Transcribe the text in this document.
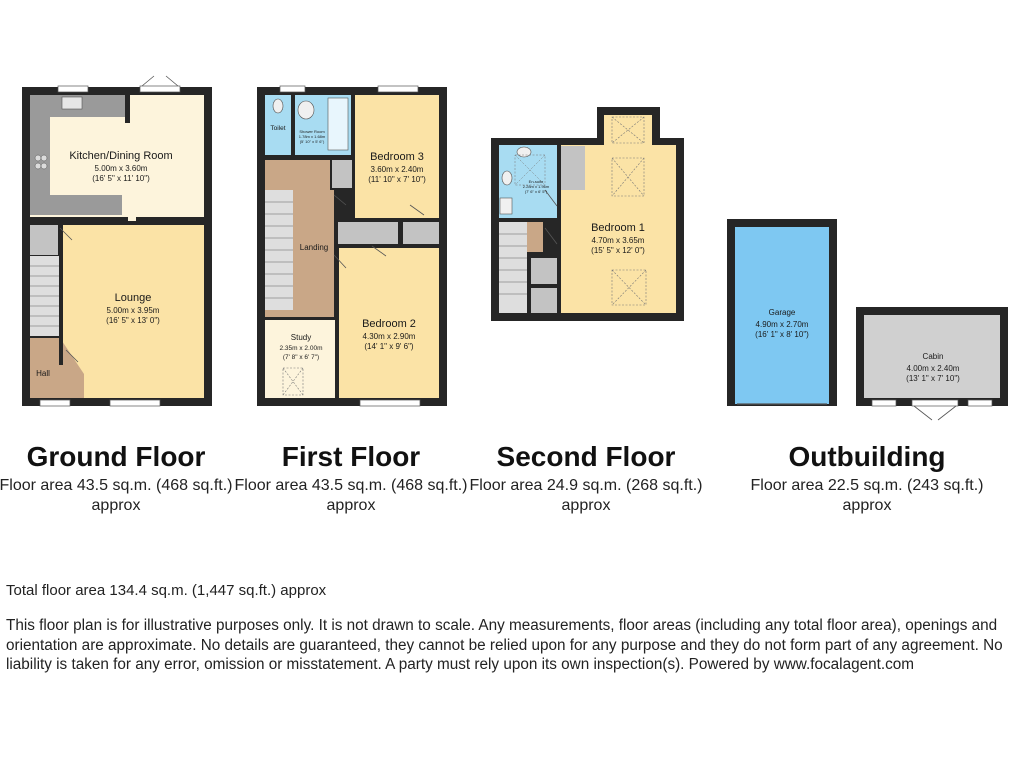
Kitchen/Dining Room
5.00m x 3.60m
(16' 5" x 11' 10")
Lounge
5.00m x 3.95m
(16' 5" x 13' 0")
Hall
Toilet	Shower Room
1.78m x 1.68m
(5' 10" x 5' 6")
Bedroom 3
3.60m x 2.40m
(11' 10" x 7' 10")
Landing
Bedroom 2
4.30m x 2.90m
(14' 1" x 9' 6")
Study
2.35m x 2.00m
(7' 8" x 6' 7")
En-suite
2.28m x 1.96m
(7' 6" x 6' 5")
Bedroom 1
4.70m x 3.65m
(15' 5" x 12' 0")
Garage
4.90m x 2.70m
(16' 1" x 8' 10")
Cabin
4.00m x 2.40m
(13' 1" x 7' 10")
Ground Floor

Floor area 43.5 sq.m. (468 sq.ft.) approx

First Floor

Floor area 43.5 sq.m. (468 sq.ft.) approx

Second Floor

Floor area 24.9 sq.m. (268 sq.ft.) approx

Outbuilding

Floor area 22.5 sq.m. (243 sq.ft.) approx

Total floor area 134.4 sq.m. (1,447 sq.ft.) approx
This floor plan is for illustrative purposes only. It is not drawn to scale. Any measurements, floor areas (including any total floor area), openings and orientation are approximate. No details are guaranteed, they cannot be relied upon for any purpose and they do not form part of any agreement. No liability is taken for any error, omission or misstatement. A party must rely upon its own inspection(s). Powered by www.focalagent.com
